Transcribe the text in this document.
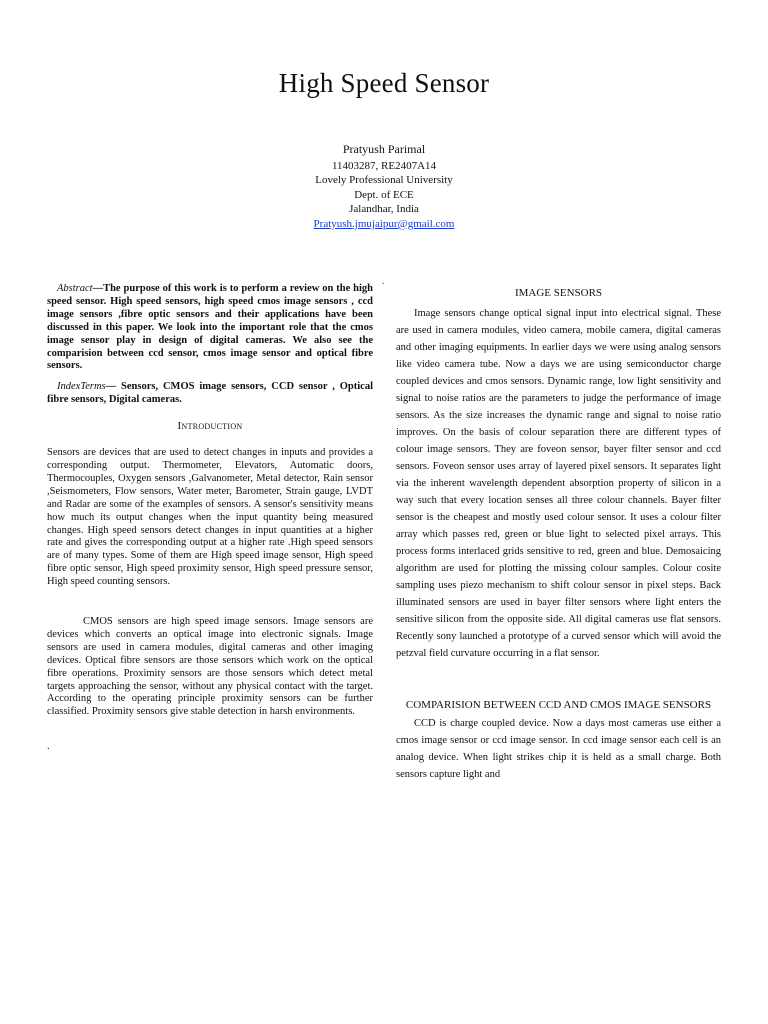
High Speed Sensor
Pratyush Parimal
11403287, RE2407A14
Lovely Professional University
Dept. of ECE
Jalandhar, India
Pratyush.jmujaipur@gmail.com
.

Abstract—The purpose of this work is to perform a review on the high speed sensor. High speed sensors, high speed cmos image sensors , ccd image sensors ,fibre optic sensors and their applications have been discussed in this paper. We look into the important role that the cmos image sensor play in design of digital cameras. We also see the comparision between ccd sensor, cmos image sensor and optical fibre sensors.

IndexTerms— Sensors, CMOS image sensors, CCD sensor , Optical fibre sensors, Digital cameras.

Introduction

Sensors are devices that are used to detect changes in inputs and provides a corresponding output. Thermometer, Elevators, Automatic doors, Thermocouples, Oxygen sensors ,Galvanometer, Metal detector, Rain sensor ,Seismometers, Flow sensors, Water meter, Barometer, Strain gauge, LVDT and Radar are some of the examples of sensors. A sensor's sensitivity means how much its output changes when the input quantity being measured changes. High speed sensors detect changes in input quantities at a higher rate and gives the corresponding output at a higher rate .High speed sensors are of many types. Some of them are High speed image sensor, High speed fibre optic sensor, High speed proximity sensor, High speed pressure sensor, High speed counting sensors.

CMOS sensors are high speed image sensors. Image sensors are devices which converts an optical image into electronic signals. Image sensors are used in camera modules, digital cameras and other imaging devices. Optical fibre sensors are those sensors which work on the optical fibre operations. Proximity sensors are those sensors which detect metal targets approaching the sensor, without any physical contact with the target. According to the operating principle proximity sensors can be further classified. Proximity sensors give stable detection in harsh environments.

.

IMAGE SENSORS

Image sensors change optical signal input into electrical signal. These are used in camera modules, video camera, mobile camera, digital cameras and other imaging equipments. In earlier days we were using analog sensors like video camera tube. Now a days we are using semiconductor charge coupled devices and cmos sensors. Dynamic range, low light sensitivity and signal to noise ratios are the parameters to judge the performance of image sensors. As the size increases the dynamic range and signal to noise ratio improves. On the basis of colour separation there are different types of colour image sensors. They are foveon sensor, bayer filter sensor and ccd sensors. Foveon sensor uses array of layered pixel sensors. It separates light via the inherent wavelength dependent absorption property of silicon in a way such that every location senses all three colour channels. Bayer filter sensor is the cheapest and mostly used colour sensor. It uses a colour filter array which passes red, green or blue light to selected pixel arrays. This process forms interlaced grids sensitive to red, green and blue. Demosaicing algorithm are used for plotting the missing colour samples. Colour cosite sampling uses piezo mechanism to shift colour sensor in pixel steps. Back illuminated sensors are used in bayer filter sensors where light enters the sensitive silicon from the opposite side. All digital cameras use flat sensors. Recently sony launched a prototype of a curved sensor which will avoid the petzval field curvature occurring in a flat sensor.

COMPARISION BETWEEN CCD AND CMOS IMAGE SENSORS

CCD is charge coupled device. Now a days most cameras use either a cmos image sensor or ccd image sensor. In ccd image sensor each cell is an analog device. When light strikes chip it is held as a small charge. Both sensors capture light and
